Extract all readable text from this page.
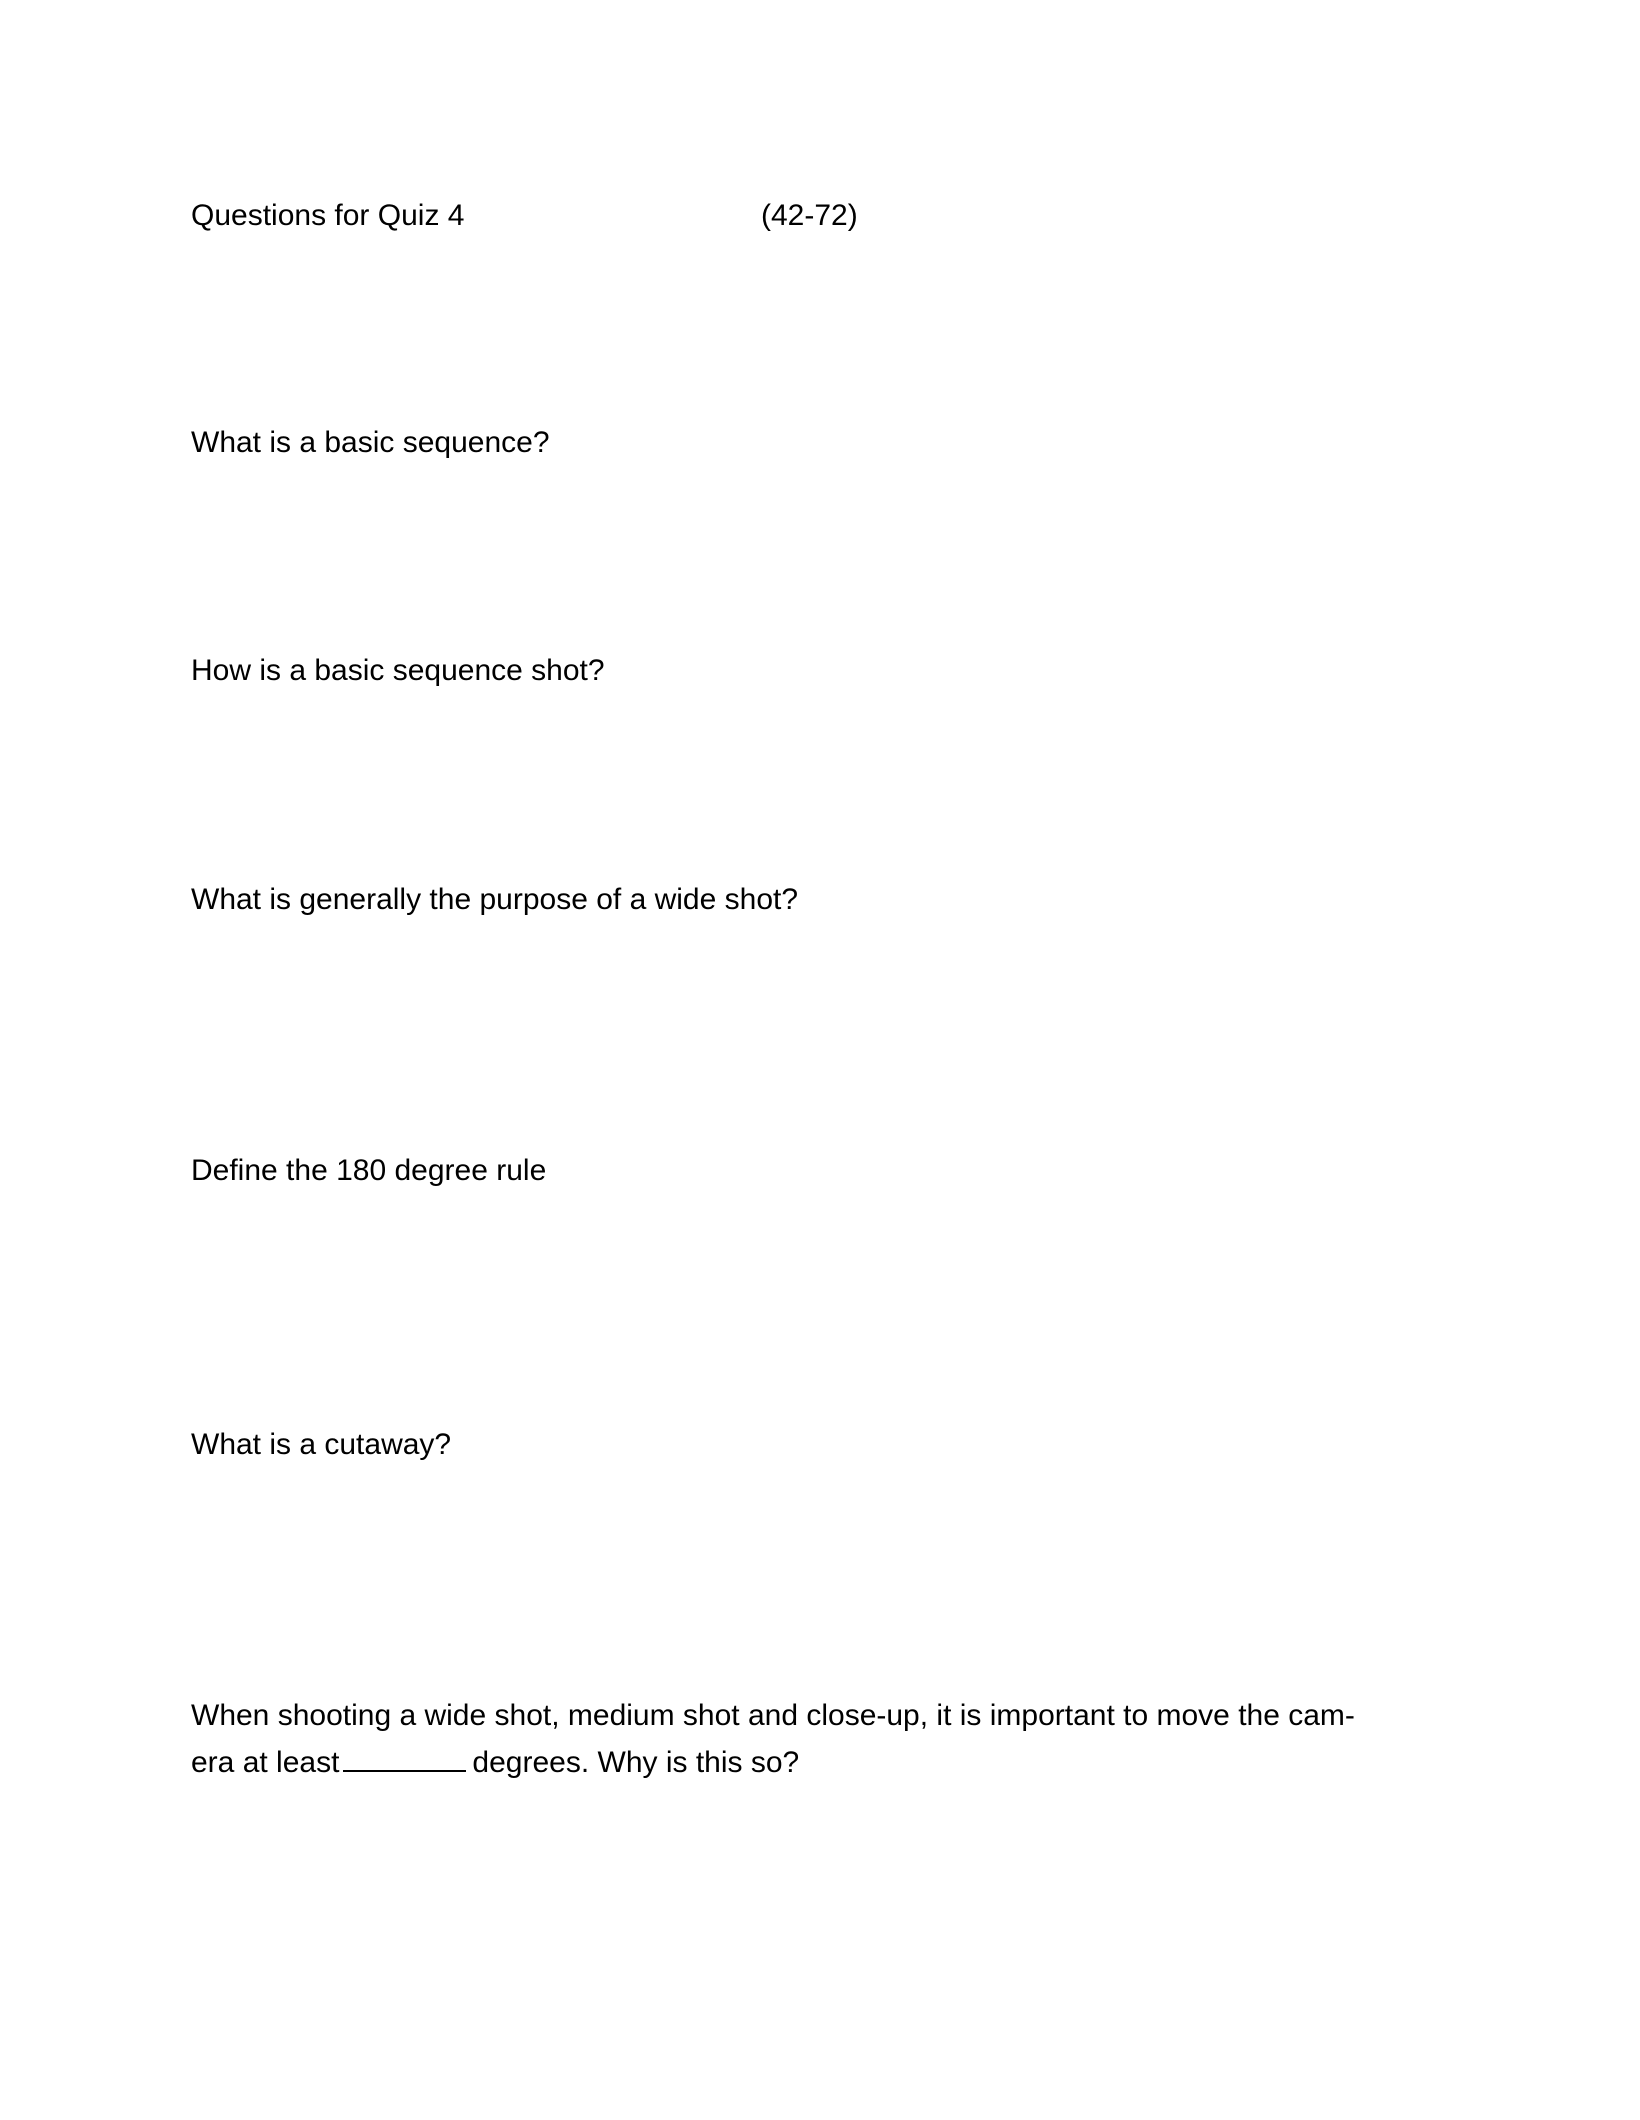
Questions for Quiz 4	(42-72)

What is a basic sequence?

How is a basic sequence shot?

What is generally the purpose of a wide shot?

Define the 180 degree rule

What is a cutaway?

When shooting a wide shot, medium shot and close-up, it is important to move the cam-

era at least	degrees. Why is this so?
